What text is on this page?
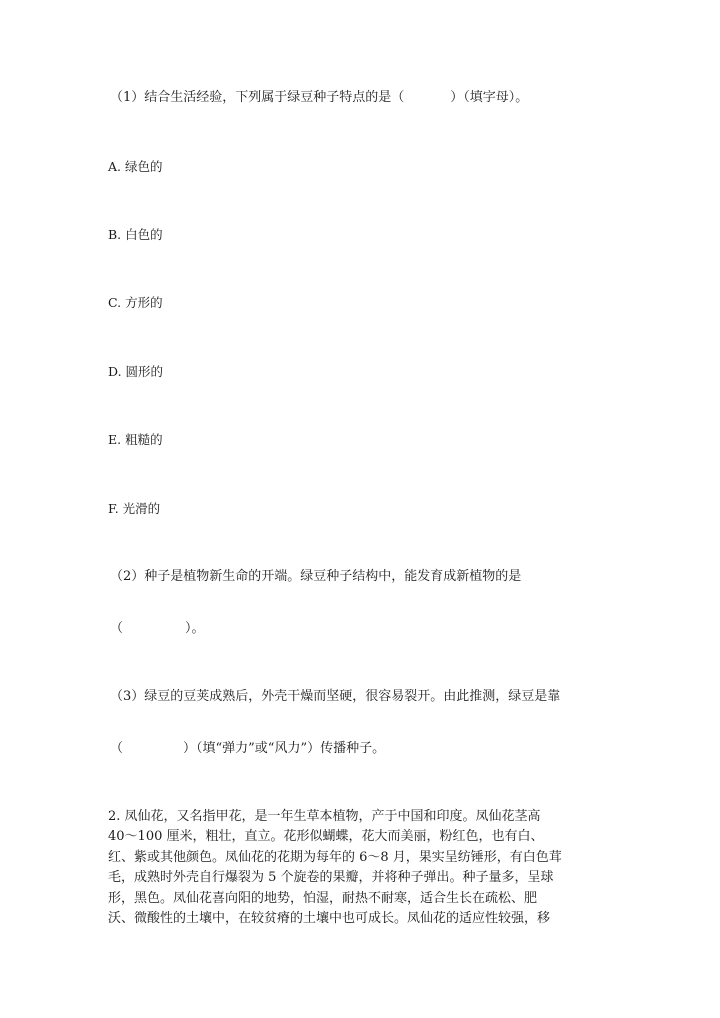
（1）结合生活经验，下列属于绿豆种子特点的是（	）（填字母）。
A. 绿色的
B. 白色的
C. 方形的
D. 圆形的
E. 粗糙的
F. 光滑的
（2）种子是植物新生命的开端。绿豆种子结构中，能发育成新植物的是
（	）。
（3）绿豆的豆荚成熟后，外壳干燥而坚硬，很容易裂开。由此推测，绿豆是靠
（	）（填“弹力”或“风力”）传播种子。
2. 凤仙花，又名指甲花，是一年生草本植物，产于中国和印度。凤仙花茎高
40～100 厘米，粗壮，直立。花形似蝴蝶，花大而美丽，粉红色，也有白、
红、紫或其他颜色。凤仙花的花期为每年的 6～8 月，果实呈纺锤形，有白色茸
毛，成熟时外壳自行爆裂为 5 个旋卷的果瓣，并将种子弹出。种子量多，呈球
形，黑色。凤仙花喜向阳的地势，怕湿，耐热不耐寒，适合生长在疏松、肥
沃、微酸性的土壤中，在较贫瘠的土壤中也可成长。凤仙花的适应性较强，移
